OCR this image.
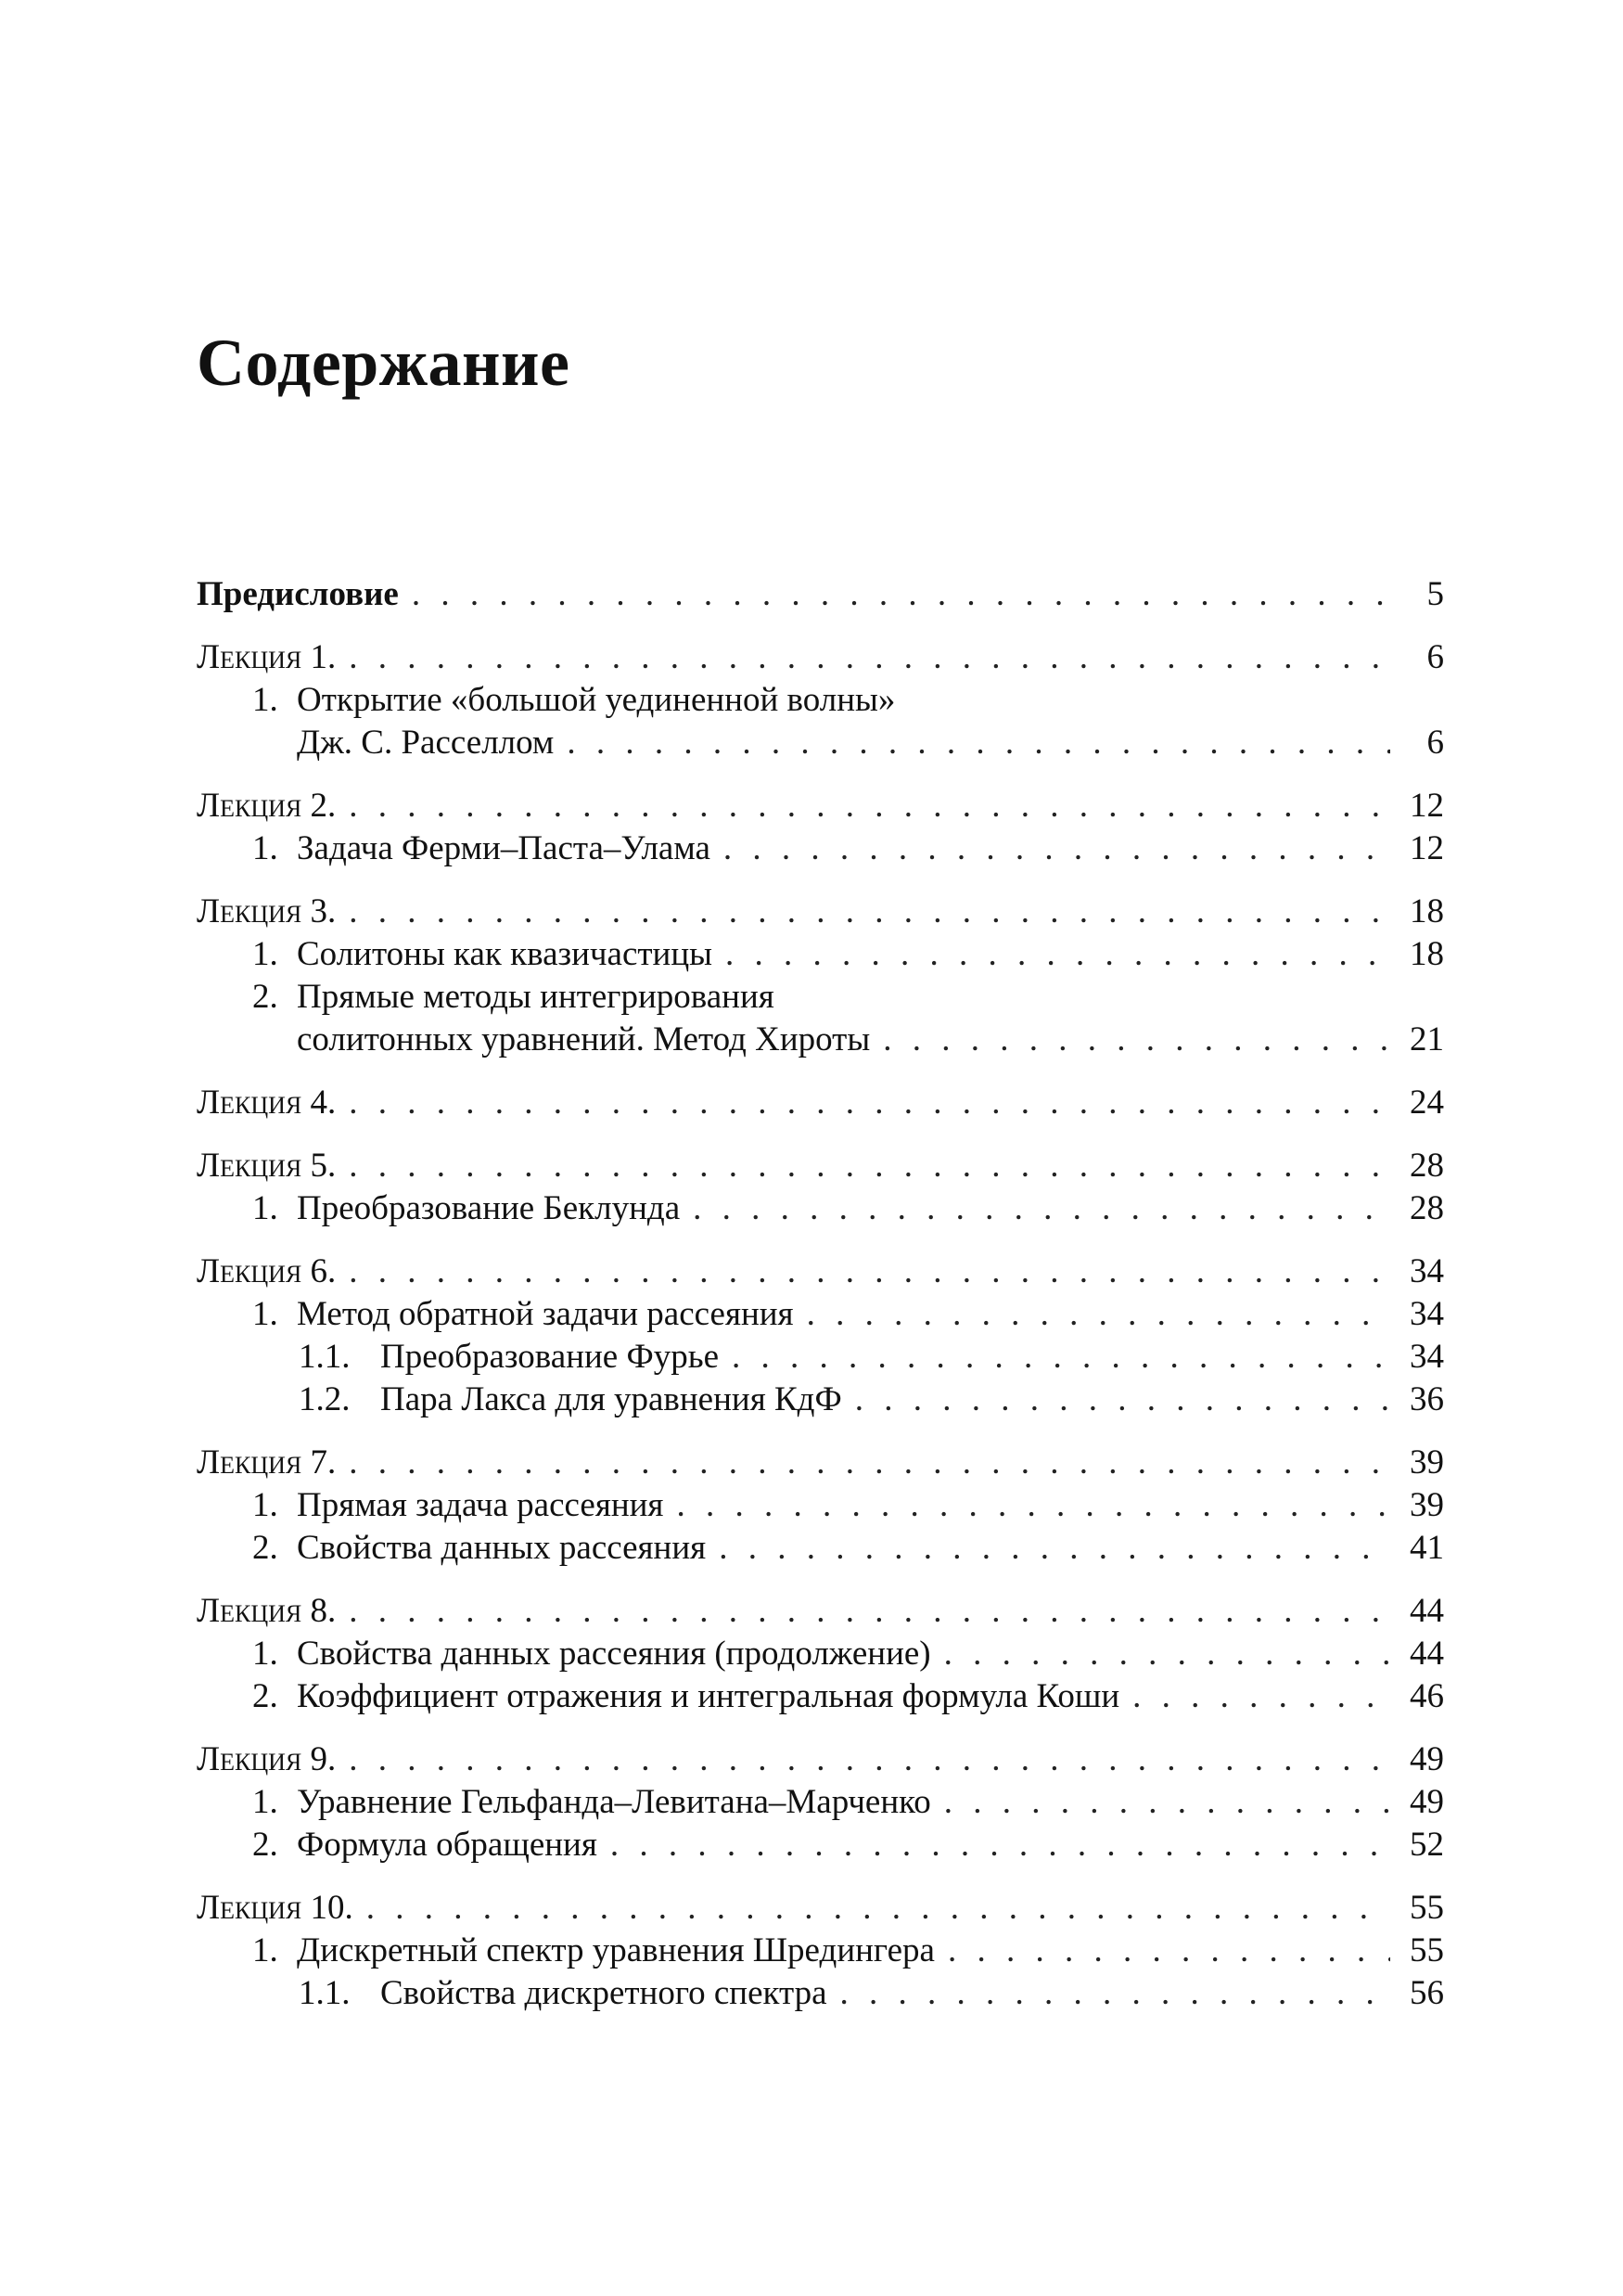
Содержание
Предисловие . . .	5
Лекция 1. . . .	6
1. Открытие «большой уединенной волны»
Дж. С. Расселлом . . .	6
Лекция 2. . . .	12
1. Задача Ферми–Паста–Улама . . .	12
Лекция 3. . . .	18
1. Солитоны как квазичастицы . . .	18
2. Прямые методы интегрирования
солитонных уравнений. Метод Хироты . . .	21
Лекция 4. . . .	24
Лекция 5. . . .	28
1. Преобразование Беклунда . . .	28
Лекция 6. . . .	34
1. Метод обратной задачи рассеяния . . .	34
1.1. Преобразование Фурье . . .	34
1.2. Пара Лакса для уравнения КдФ . . .	36
Лекция 7. . . .	39
1. Прямая задача рассеяния . . .	39
2. Свойства данных рассеяния . . .	41
Лекция 8. . . .	44
1. Свойства данных рассеяния (продолжение) . . .	44
2. Коэффициент отражения и интегральная формула Коши . . .	46
Лекция 9. . . .	49
1. Уравнение Гельфанда–Левитана–Марченко . . .	49
2. Формула обращения . . .	52
Лекция 10. . . .	55
1. Дискретный спектр уравнения Шредингера . . .	55
1.1. Свойства дискретного спектра . . .	56
